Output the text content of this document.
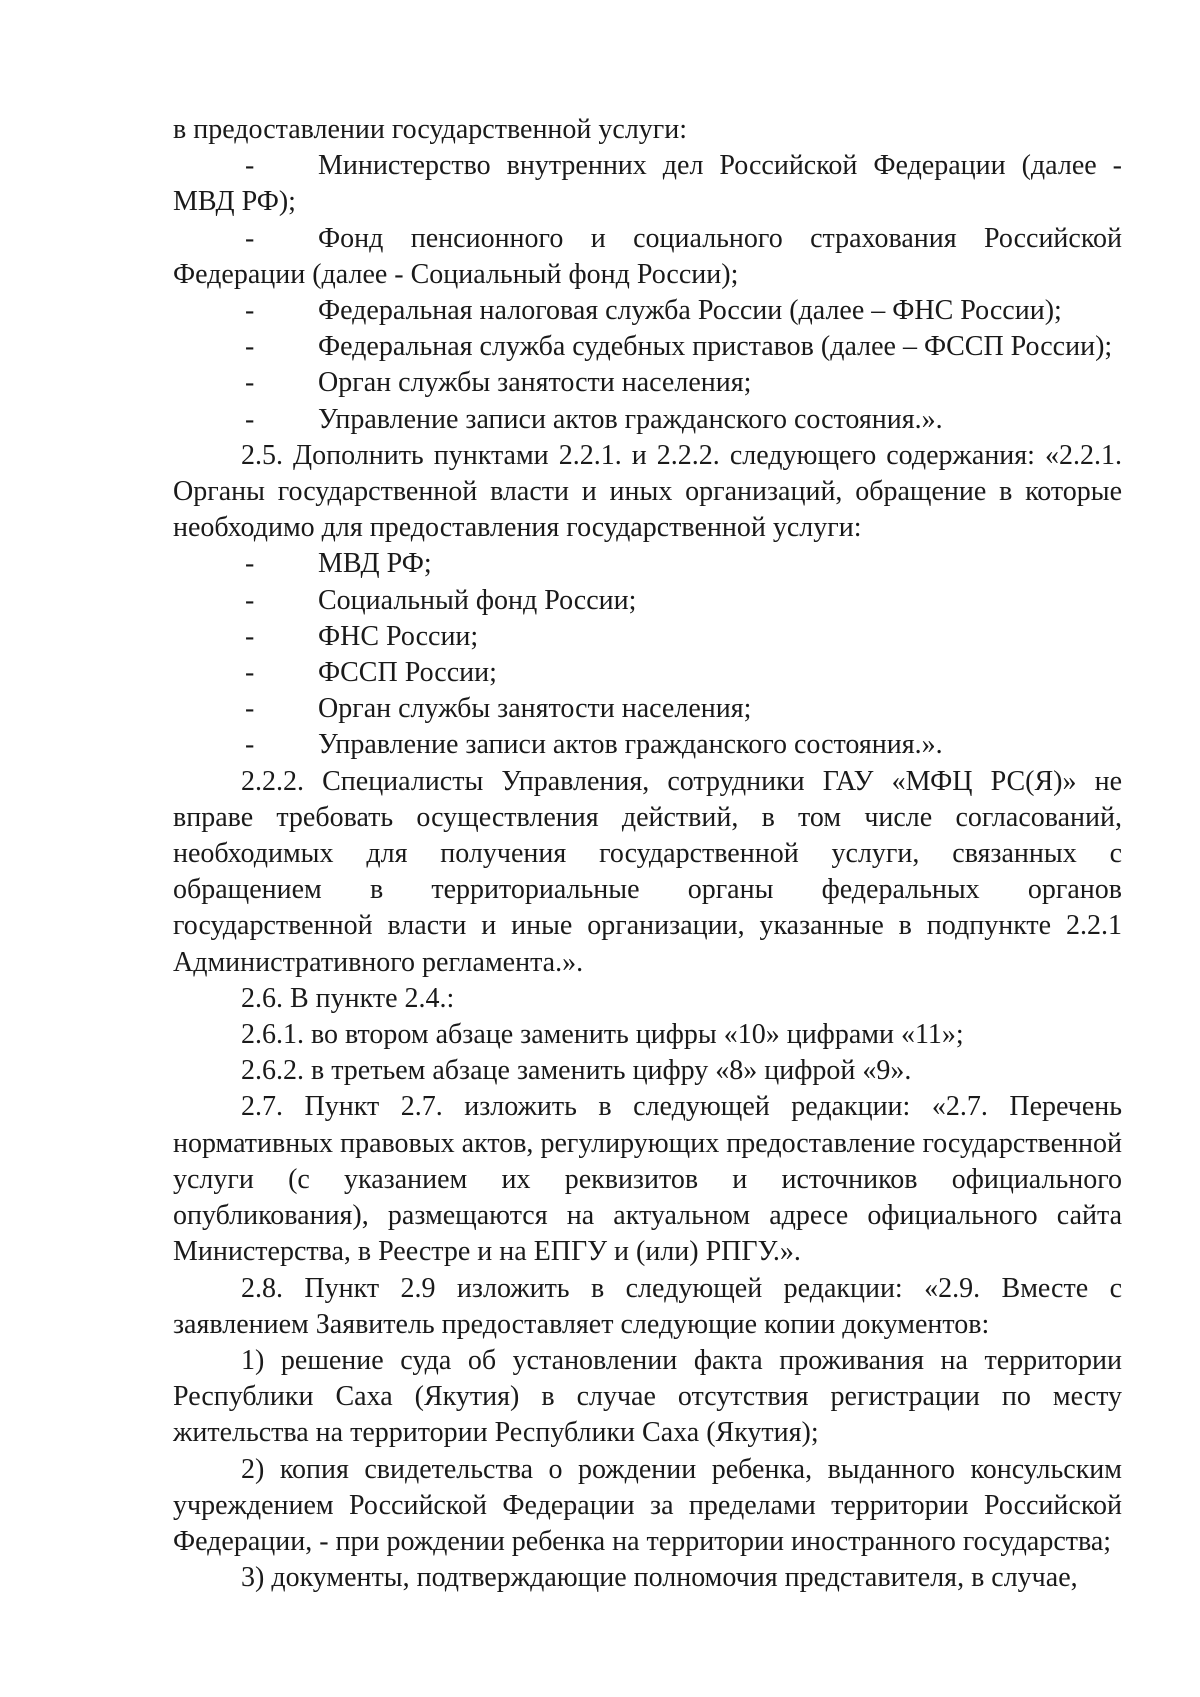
в предоставлении государственной услуги:

-	Министерство внутренних дел Российской Федерации (далее -

МВД РФ);

-	Фонд пенсионного и социального страхования Российской

Федерации (далее - Социальный фонд России);

-	Федеральная налоговая служба России (далее – ФНС России);
-	Федеральная служба судебных приставов (далее – ФССП России);
-	Орган службы занятости населения;
-	Управление записи актов гражданского состояния.».

2.5. Дополнить пунктами 2.2.1. и 2.2.2. следующего содержания: «2.2.1. Органы государственной власти и иных организаций, обращение в которые необходимо для предоставления государственной услуги:

-	МВД РФ;
-	Социальный фонд России;
-	ФНС России;
-	ФССП России;
-	Орган службы занятости населения;
-	Управление записи актов гражданского состояния.».

2.2.2. Специалисты Управления, сотрудники ГАУ «МФЦ РС(Я)» не вправе требовать осуществления действий, в том числе согласований, необходимых для получения государственной услуги, связанных с обращением в территориальные органы федеральных органов государственной власти и иные организации, указанные в подпункте 2.2.1 Административного регламента.».

2.6. В пункте 2.4.:

2.6.1. во втором абзаце заменить цифры «10» цифрами «11»;

2.6.2. в третьем абзаце заменить цифру «8» цифрой «9».

2.7. Пункт 2.7. изложить в следующей редакции: «2.7. Перечень нормативных правовых актов, регулирующих предоставление государственной услуги (с указанием их реквизитов и источников официального опубликования), размещаются на актуальном адресе официального сайта Министерства, в Реестре и на ЕПГУ и (или) РПГУ.».

2.8. Пункт 2.9 изложить в следующей редакции: «2.9. Вместе с заявлением Заявитель предоставляет следующие копии документов:

1) решение суда об установлении факта проживания на территории Республики Саха (Якутия) в случае отсутствия регистрации по месту жительства на территории Республики Саха (Якутия);

2) копия свидетельства о рождении ребенка, выданного консульским учреждением Российской Федерации за пределами территории Российской Федерации, - при рождении ребенка на территории иностранного государства;

3) документы, подтверждающие полномочия представителя, в случае,
